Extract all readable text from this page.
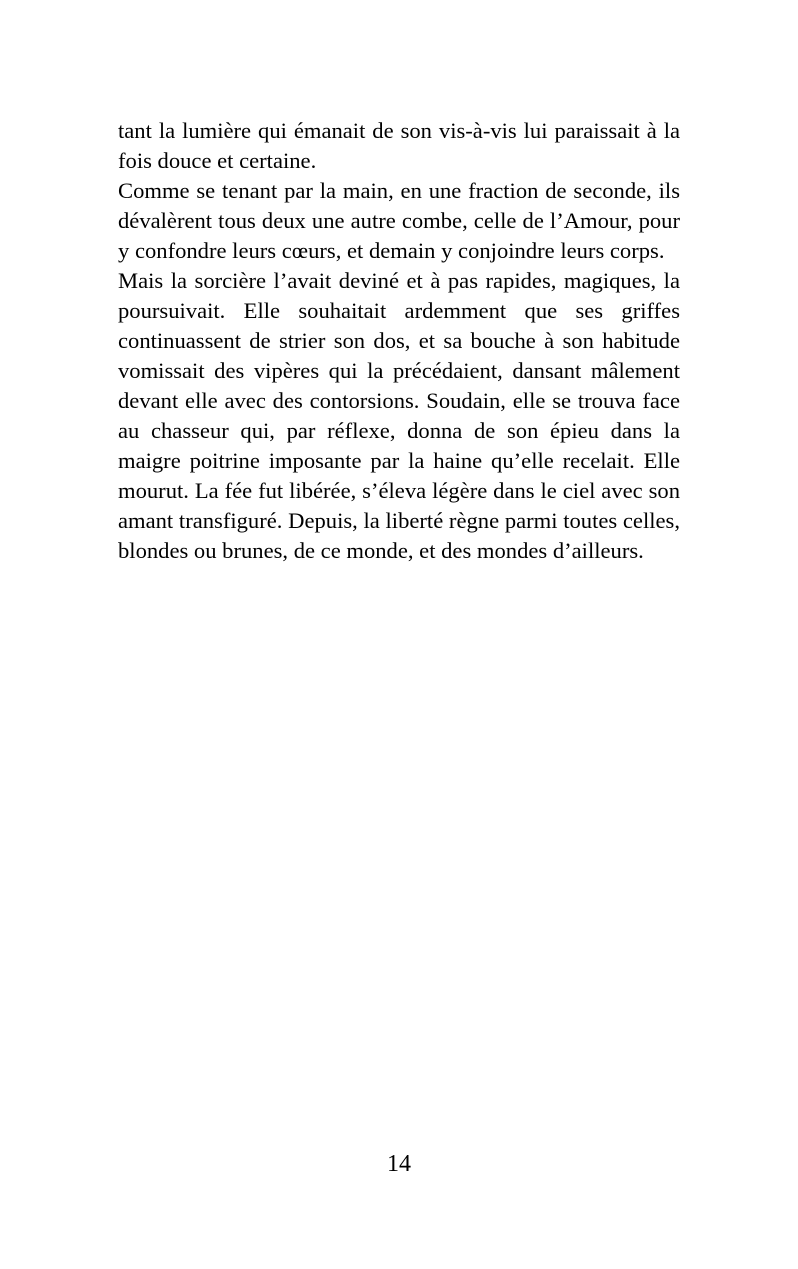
tant la lumière qui émanait de son vis-à-vis lui paraissait à la fois douce et certaine.

Comme se tenant par la main, en une fraction de seconde, ils dévalèrent tous deux une autre combe, celle de l’Amour, pour y confondre leurs cœurs, et demain y conjoindre leurs corps.

Mais la sorcière l’avait deviné et à pas rapides, magiques, la poursuivait. Elle souhaitait ardemment que ses griffes continuassent de strier son dos, et sa bouche à son habitude vomissait des vipères qui la précédaient, dansant mâlement devant elle avec des contorsions. Soudain, elle se trouva face au chasseur qui, par réflexe, donna de son épieu dans la maigre poitrine imposante par la haine qu’elle recelait. Elle mourut. La fée fut libérée, s’éleva légère dans le ciel avec son amant transfiguré. Depuis, la liberté règne parmi toutes celles, blondes ou brunes, de ce monde, et des mondes d’ailleurs.

14
